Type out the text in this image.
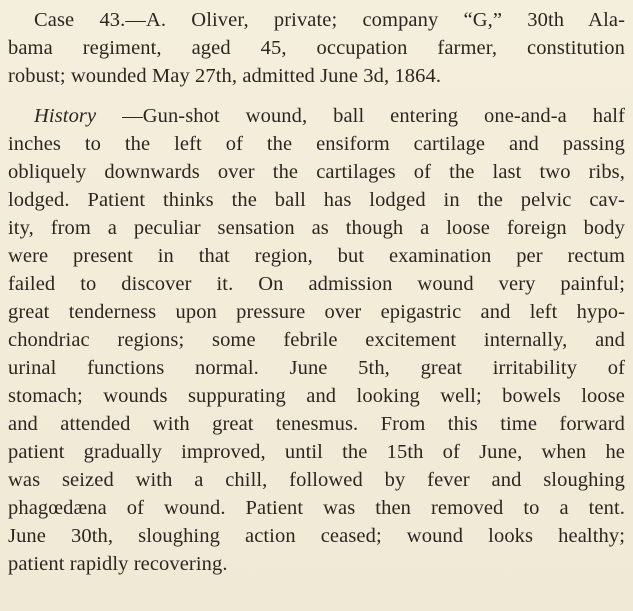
Case 43.—A. Oliver, private; company “G,” 30th Ala-

bama regiment, aged 45, occupation farmer, constitution

robust; wounded May 27th, admitted June 3d, 1864.

History —Gun-shot wound, ball entering one-and-a half

inches to the left of the ensiform cartilage and passing

obliquely downwards over the cartilages of the last two ribs,

lodged. Patient thinks the ball has lodged in the pelvic cav-

ity, from a peculiar sensation as though a loose foreign body

were present in that region, but examination per rectum

failed to discover it. On admission wound very painful;

great tenderness upon pressure over epigastric and left hypo-

chondriac regions; some febrile excitement internally, and

urinal functions normal. June 5th, great irritability of

stomach; wounds suppurating and looking well; bowels loose

and attended with great tenesmus. From this time forward

patient gradually improved, until the 15th of June, when he

was seized with a chill, followed by fever and sloughing

phagœdæna of wound. Patient was then removed to a tent.

June 30th, sloughing action ceased; wound looks healthy;

patient rapidly recovering.
